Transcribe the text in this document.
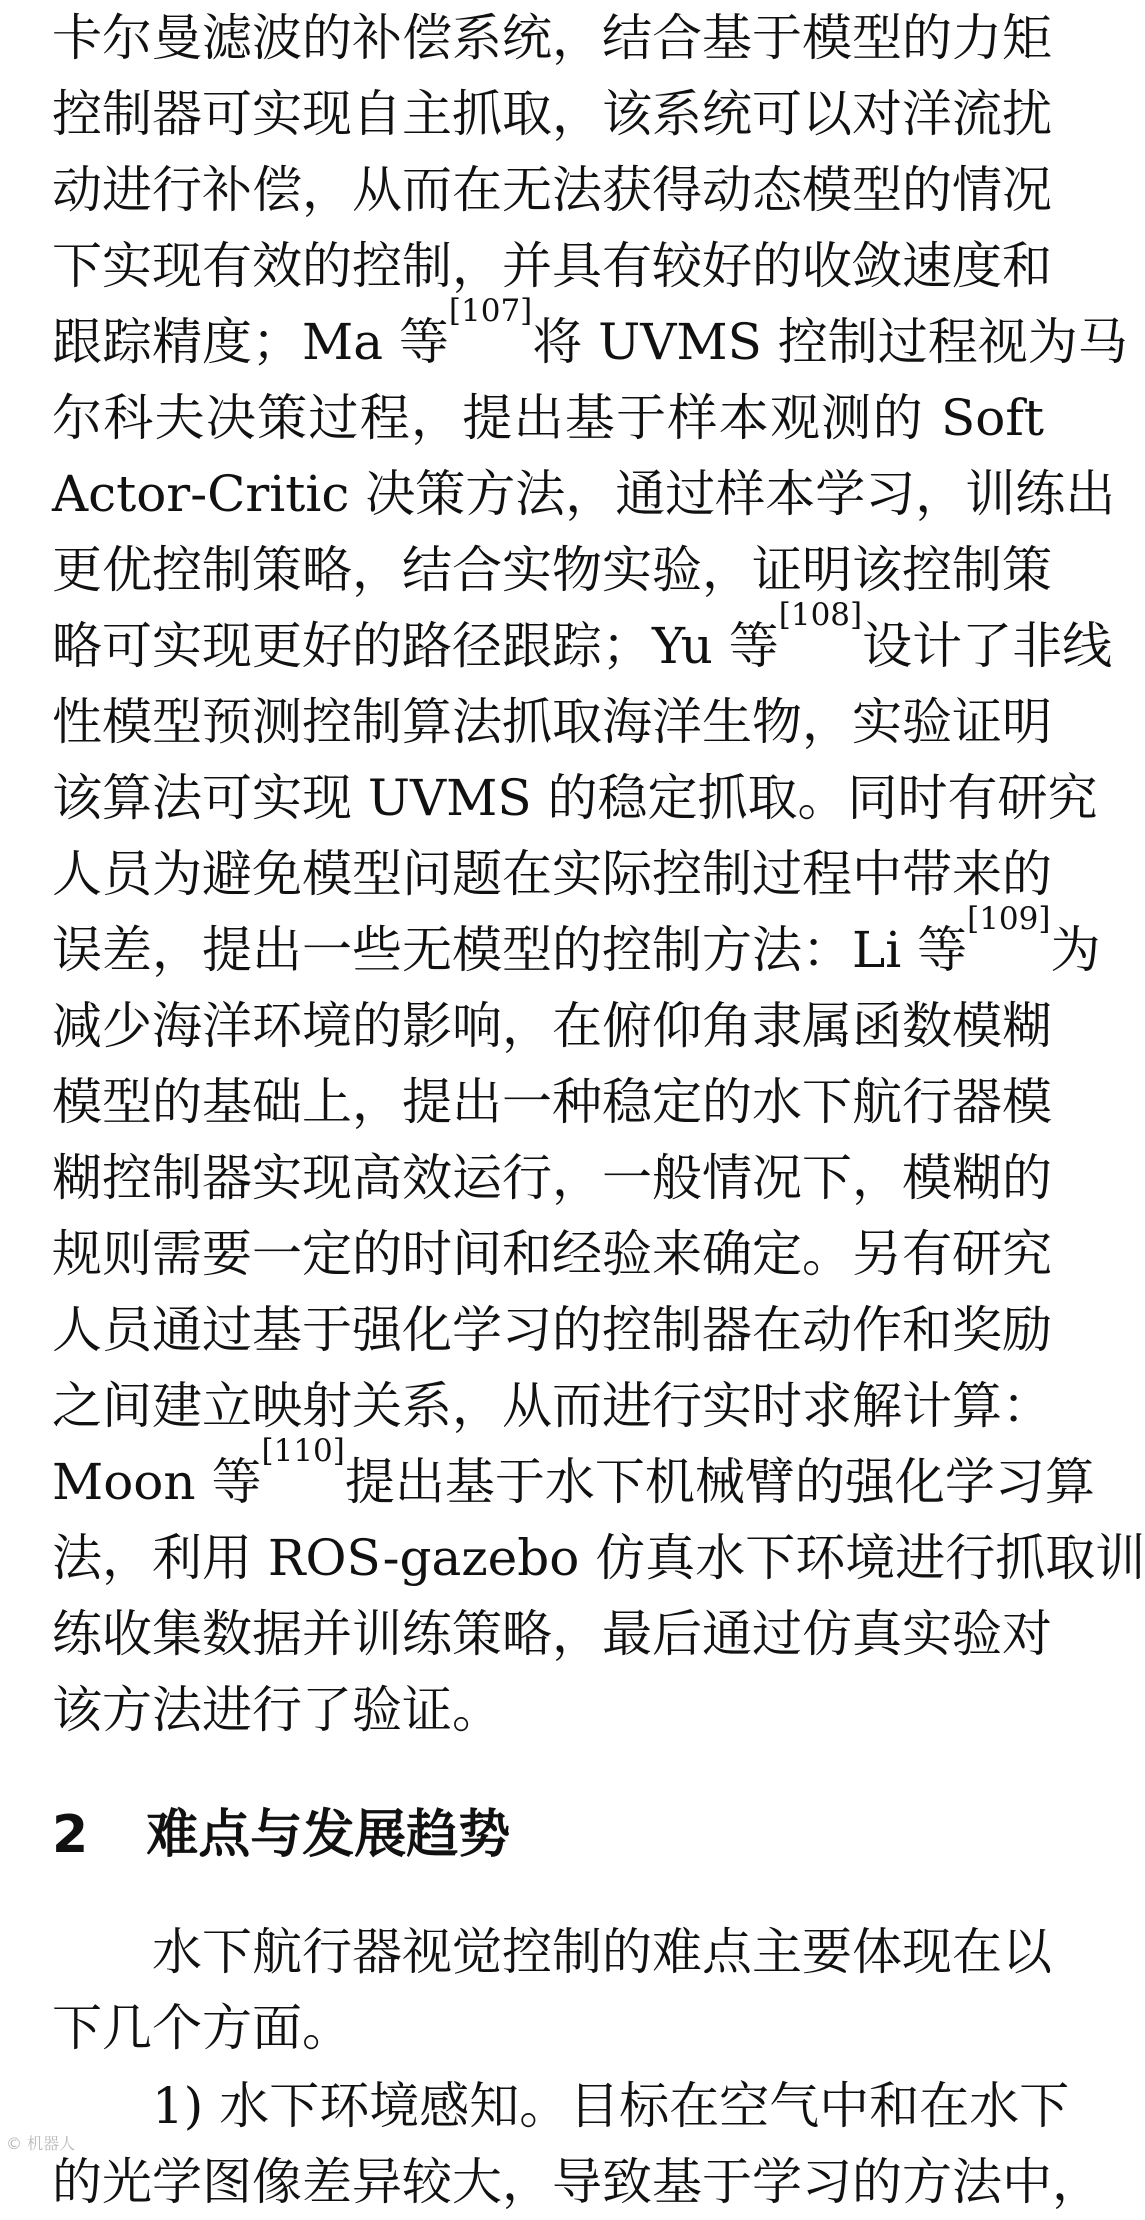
卡尔曼滤波的补偿系统，结合基于模型的力矩
控制器可实现自主抓取，该系统可以对洋流扰
动进行补偿，从而在无法获得动态模型的情况
下实现有效的控制，并具有较好的收敛速度和
跟踪精度；Ma 等[107]将 UVMS 控制过程视为马
尔科夫决策过程，提出基于样本观测的 Soft
Actor-Critic 决策方法，通过样本学习，训练出
更优控制策略，结合实物实验，证明该控制策
略可实现更好的路径跟踪；Yu 等[108]设计了非线
性模型预测控制算法抓取海洋生物，实验证明
该算法可实现 UVMS 的稳定抓取。同时有研究
人员为避免模型问题在实际控制过程中带来的
误差，提出一些无模型的控制方法：Li 等[109]为
减少海洋环境的影响，在俯仰角隶属函数模糊
模型的基础上，提出一种稳定的水下航行器模
糊控制器实现高效运行，一般情况下，模糊的
规则需要一定的时间和经验来确定。另有研究
人员通过基于强化学习的控制器在动作和奖励
之间建立映射关系，从而进行实时求解计算：
Moon 等[110]提出基于水下机械臂的强化学习算
法，利用 ROS-gazebo 仿真水下环境进行抓取训
练收集数据并训练策略，最后通过仿真实验对
该方法进行了验证。
2 难点与发展趋势
水下航行器视觉控制的难点主要体现在以
下几个方面。
1) 水下环境感知。目标在空气中和在水下
的光学图像差异较大，导致基于学习的方法中，
© 机器人
